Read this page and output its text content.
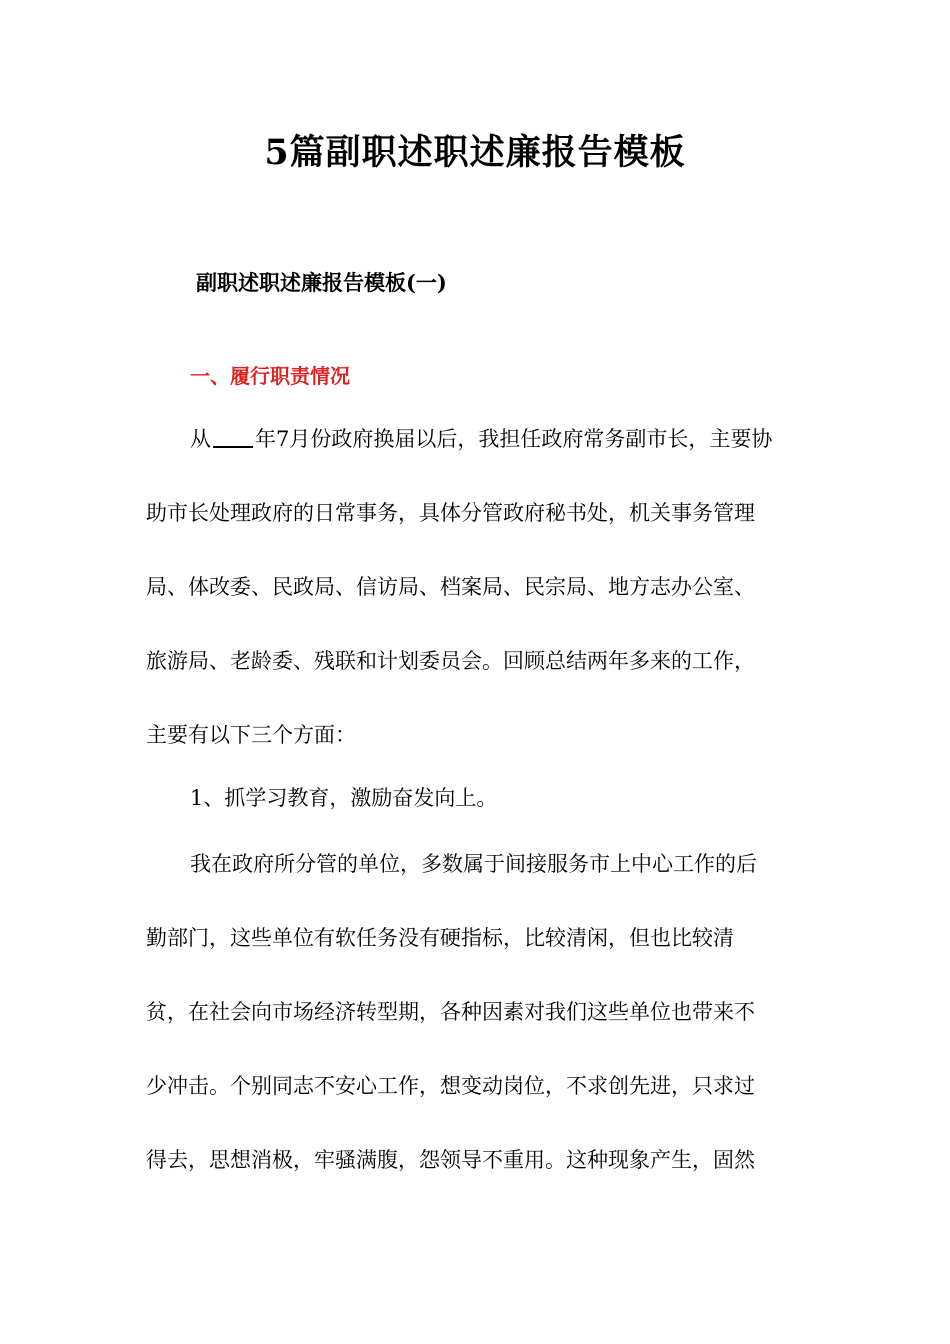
5篇副职述职述廉报告模板
副职述职述廉报告模板(一)
一、履行职责情况
从 年7月份政府换届以后，我担任政府常务副市长，主要协
助市长处理政府的日常事务，具体分管政府秘书处，机关事务管理
局、体改委、民政局、信访局、档案局、民宗局、地方志办公室、
旅游局、老龄委、残联和计划委员会。回顾总结两年多来的工作，
主要有以下三个方面：
1、抓学习教育，激励奋发向上。
我在政府所分管的单位，多数属于间接服务市上中心工作的后
勤部门，这些单位有软任务没有硬指标，比较清闲，但也比较清
贫，在社会向市场经济转型期，各种因素对我们这些单位也带来不
少冲击。个别同志不安心工作，想变动岗位，不求创先进，只求过
得去，思想消极，牢骚满腹，怨领导不重用。这种现象产生，固然
